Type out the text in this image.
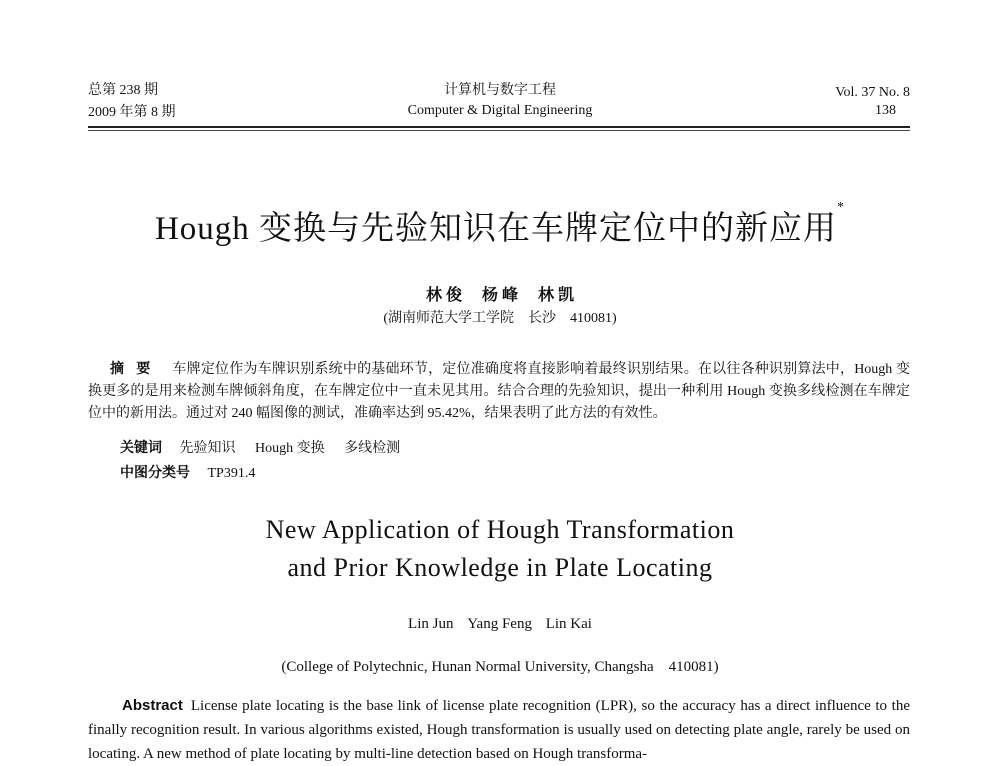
总第 238 期
2009 年第 8 期
计算机与数字工程
Computer & Digital Engineering
Vol. 37 No. 8
138
Hough 变换与先验知识在车牌定位中的新应用*
林 俊 杨 峰 林 凯
(湖南师范大学工学院　长沙　410081)
摘要 车牌定位作为车牌识别系统中的基础环节，定位准确度将直接影响着最终识别结果。在以往各种识别算法中，Hough 变换更多的是用来检测车牌倾斜角度，在车牌定位中一直未见其用。结合合理的先验知识，提出一种利用 Hough 变换多线检测在车牌定位中的新用法。通过对 240 幅图像的测试，准确率达到 95.42%，结果表明了此方法的有效性。
关键词 先验知识 Hough 变换 多线检测
中图分类号 TP391.4
New Application of Hough Transformation
and Prior Knowledge in Plate Locating
Lin Jun Yang Feng Lin Kai
(College of Polytechnic, Hunan Normal University, Changsha　410081)
Abstract License plate locating is the base link of license plate recognition (LPR), so the accuracy has a direct influence to the finally recognition result. In various algorithms existed, Hough transformation is usually used on detecting plate angle, rarely be used on locating. A new method of plate locating by multi-line detection based on Hough transforma-
